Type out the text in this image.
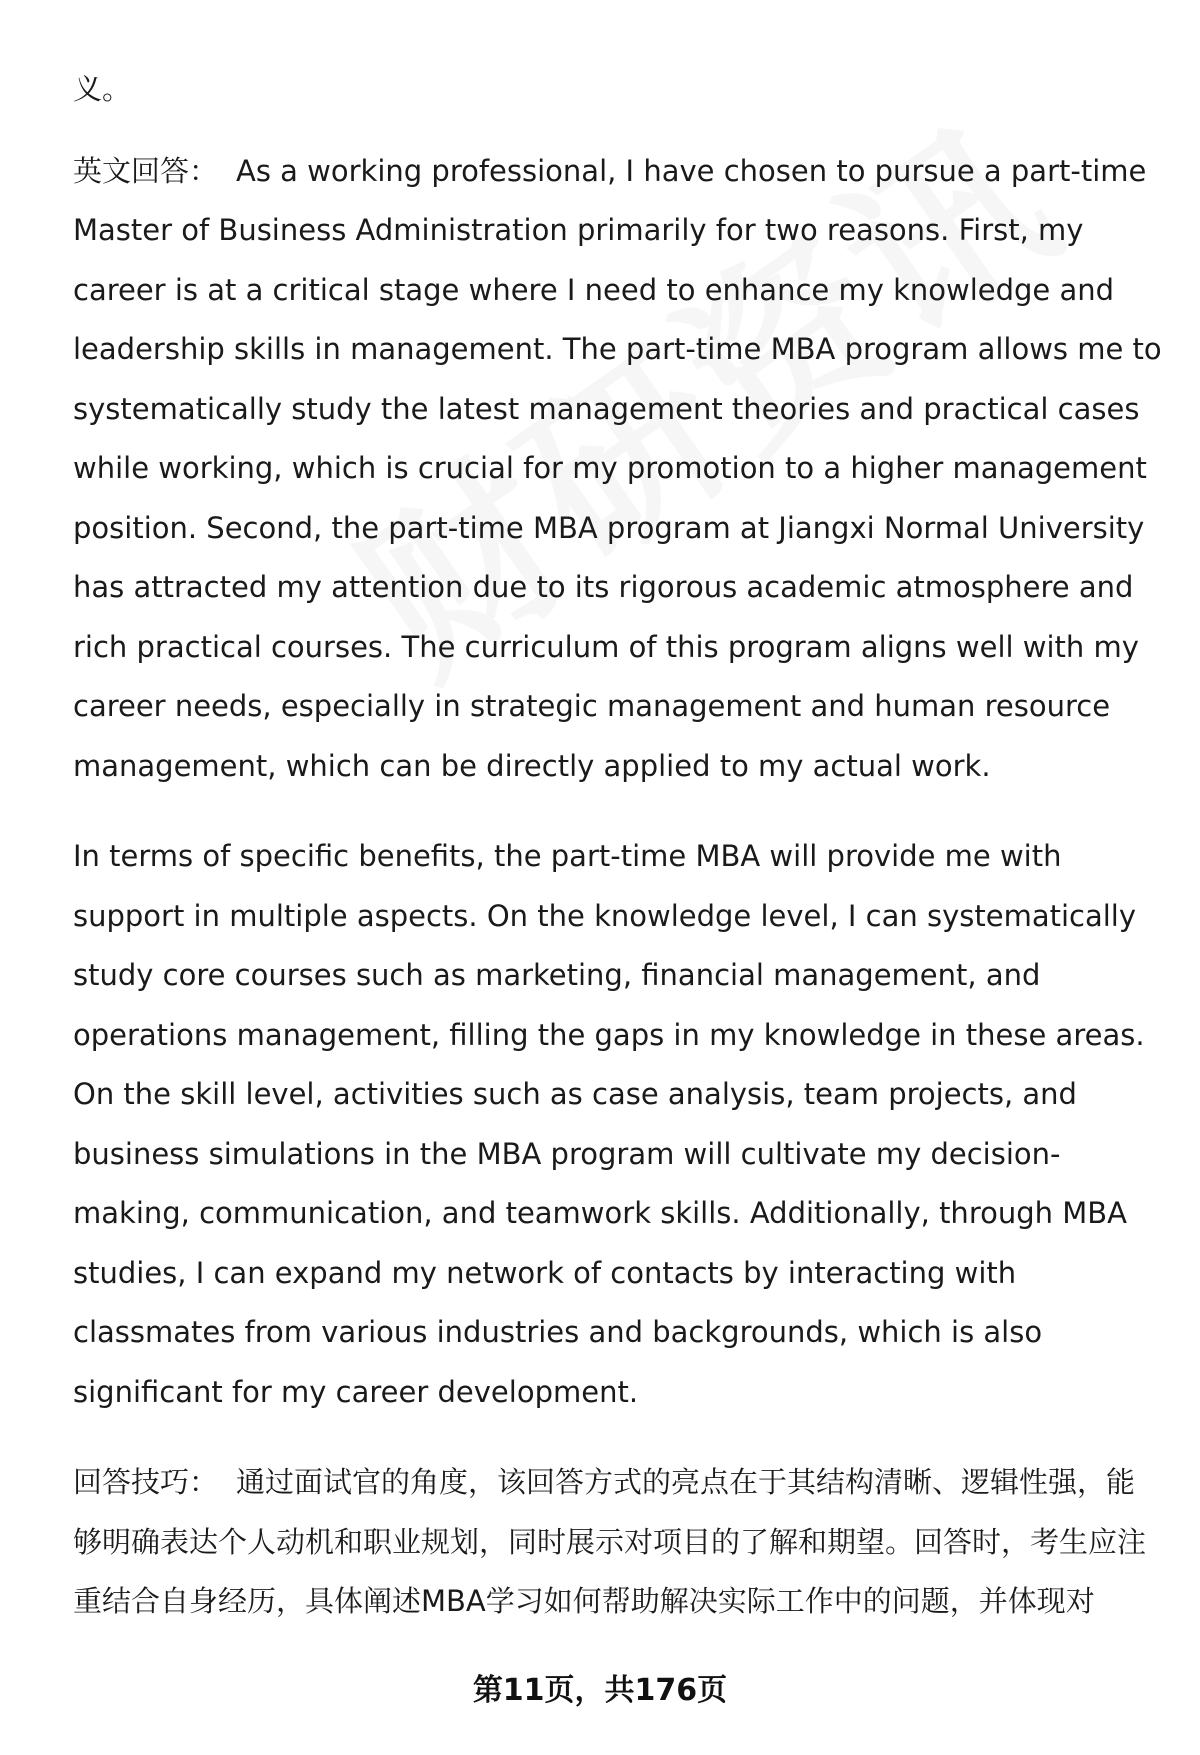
义。

英文回答： As a working professional, I have chosen to pursue a part-time Master of Business Administration primarily for two reasons. First, my career is at a critical stage where I need to enhance my knowledge and leadership skills in management. The part-time MBA program allows me to systematically study the latest management theories and practical cases while working, which is crucial for my promotion to a higher management position. Second, the part-time MBA program at Jiangxi Normal University has attracted my attention due to its rigorous academic atmosphere and rich practical courses. The curriculum of this program aligns well with my career needs, especially in strategic management and human resource management, which can be directly applied to my actual work.

In terms of specific benefits, the part-time MBA will provide me with support in multiple aspects. On the knowledge level, I can systematically study core courses such as marketing, financial management, and operations management, filling the gaps in my knowledge in these areas. On the skill level, activities such as case analysis, team projects, and business simulations in the MBA program will cultivate my decision-making, communication, and teamwork skills. Additionally, through MBA studies, I can expand my network of contacts by interacting with classmates from various industries and backgrounds, which is also significant for my career development.

回答技巧： 通过面试官的角度，该回答方式的亮点在于其结构清晰、逻辑性强，能够明确表达个人动机和职业规划，同时展示对项目的了解和期望。回答时，考生应注重结合自身经历，具体阐述MBA学习如何帮助解决实际工作中的问题，并体现对

第11页，共176页
